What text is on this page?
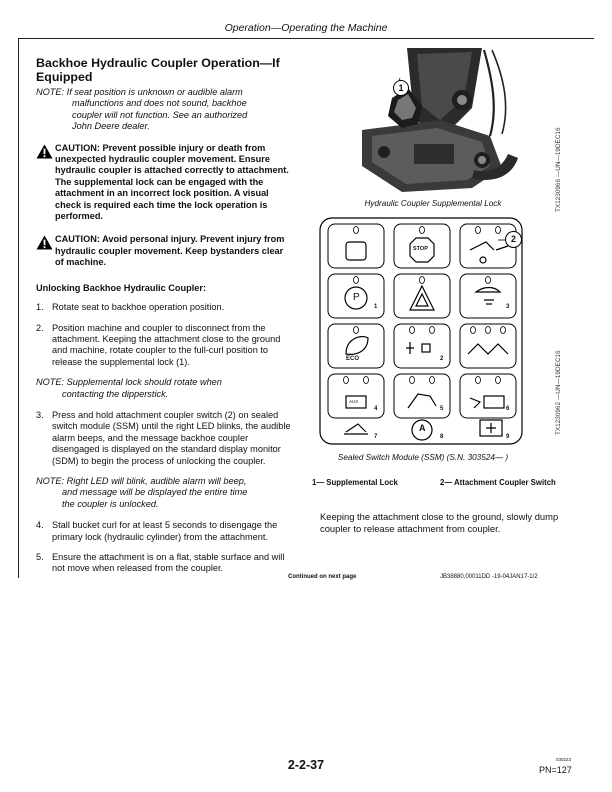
Operation—Operating the Machine
Backhoe Hydraulic Coupler Operation—If Equipped
NOTE: If seat position is unknown or audible alarm
malfunctions and does not sound, backhoe
coupler will not function. See an authorized
John Deere dealer.
CAUTION: Prevent possible injury or death from unexpected hydraulic coupler movement. Ensure hydraulic coupler is attached correctly to attachment. The supplemental lock can be engaged with the attachment in an incorrect lock position. A visual check is required each time the lock operation is performed.
CAUTION: Avoid personal injury. Prevent injury from hydraulic coupler movement. Keep bystanders clear of machine.
Unlocking Backhoe Hydraulic Coupler:
1. Rotate seat to backhoe operation position.
2. Position machine and coupler to disconnect from the attachment. Keeping the attachment close to the ground and machine, rotate coupler to the full-curl position to release the supplemental lock (1).
NOTE: Supplemental lock should rotate when
contacting the dipperstick.
3. Press and hold attachment coupler switch (2) on sealed switch module (SSM) until the right LED blinks, the audible alarm beeps, and the message backhoe coupler disengaged is displayed on the standard display monitor (SDM) to begin the process of unlocking the coupler.
NOTE: Right LED will blink, audible alarm will beep,
and message will be displayed the entire time
the coupler is unlocked.
4. Stall bucket curl for at least 5 seconds to disengage the primary lock (hydraulic cylinder) from the attachment.
5. Ensure the attachment is on a flat, stable surface and will not move when released from the coupler.
1
Hydraulic Coupler Supplemental Lock	TX1230966 —UN—19DEC16
STOP
P
ECO
AUX
1
2
3
4	5	6
A
7	8	9
2
Sealed Switch Module (SSM) (S.N. 303524— )
TX1230962 —UN—19DEC16
1— Supplemental Lock	2— Attachment Coupler Switch
Keeping the attachment close to the ground, slowly dump coupler to release attachment from coupler.
Continued on next page	JB38880,00011DD -19-04JAN17-1/2
2-2-37	030223
PN=127
